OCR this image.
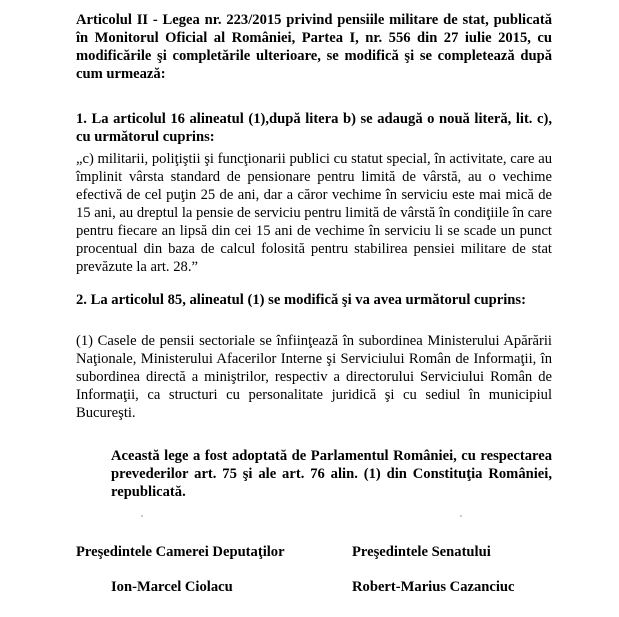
Articolul II - Legea nr. 223/2015 privind pensiile militare de stat, publicată în Monitorul Oficial al României, Partea I, nr. 556 din 27 iulie 2015, cu modificările şi completările ulterioare, se modifică şi se completează după cum urmează:
1. La articolul 16 alineatul (1),după litera b) se adaugă o nouă literă, lit. c), cu următorul cuprins:
„c) militarii, poliţiştii şi funcţionarii publici cu statut special, în activitate, care au împlinit vârsta standard de pensionare pentru limită de vârstă, au o vechime efectivă de cel puţin 25 de ani, dar a căror vechime în serviciu este mai mică de 15 ani, au dreptul la pensie de serviciu pentru limită de vârstă în condiţiile în care pentru fiecare an lipsă din cei 15 ani de vechime în serviciu li se scade un punct procentual din baza de calcul folosită pentru stabilirea pensiei militare de stat prevăzute la art. 28.”
2. La articolul 85, alineatul (1) se modifică şi va avea următorul cuprins:
(1) Casele de pensii sectoriale se înfiinţează în subordinea Ministerului Apărării Naţionale, Ministerului Afacerilor Interne şi Serviciului Român de Informaţii, în subordinea directă a miniştrilor, respectiv a directorului Serviciului Român de Informaţii, ca structuri cu personalitate juridică şi cu sediul în municipiul Bucureşti.
Această lege a fost adoptată de Parlamentul României, cu respectarea prevederilor art. 75 şi ale art. 76 alin. (1) din Constituţia României, republicată.
Preşedintele Camerei Deputaţilor	Preşedintele Senatului
Ion-Marcel Ciolacu	Robert-Marius Cazanciuc
